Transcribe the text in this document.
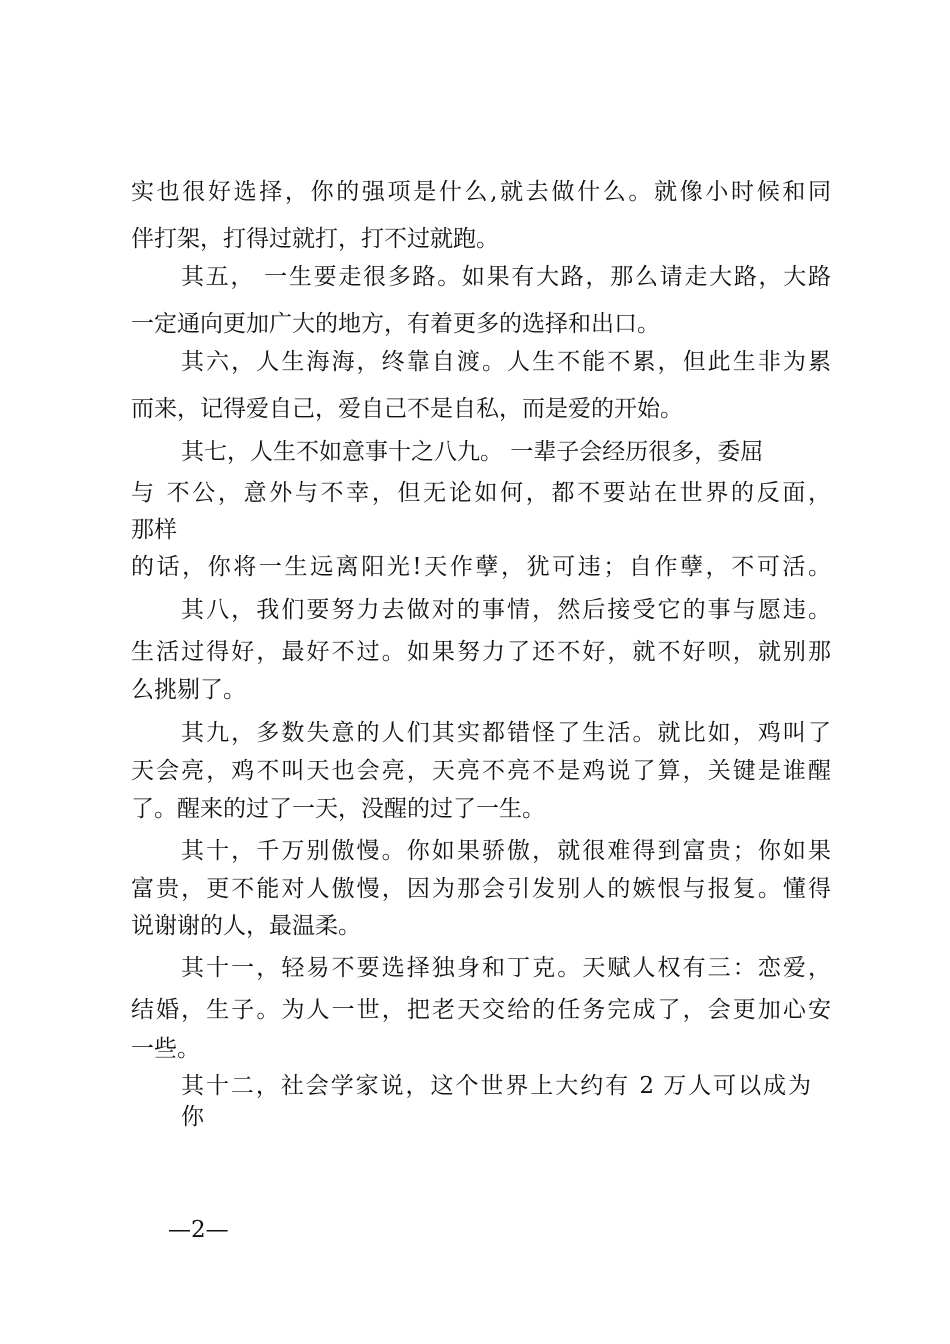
实也很好选择，你的强项是什么,就去做什么。就像小时候和同
伴打架，打得过就打，打不过就跑。
其五， 一生要走很多路。如果有大路，那么请走大路，大路
一定通向更加广大的地方，有着更多的选择和出口。
其六，人生海海，终靠自渡。人生不能不累，但此生非为累
而来，记得爱自己，爱自己不是自私，而是爱的开始。
其七，人生不如意事十之八九。 一辈子会经历很多，委屈
与 不公，意外与不幸，但无论如何，都不要站在世界的反面，
那样
的话，你将一生远离阳光!天作孽，犹可违；自作孽，不可活。
其八，我们要努力去做对的事情，然后接受它的事与愿违。
生活过得好，最好不过。如果努力了还不好，就不好呗，就别那
么挑剔了。
其九，多数失意的人们其实都错怪了生活。就比如，鸡叫了
天会亮，鸡不叫天也会亮，天亮不亮不是鸡说了算，关键是谁醒
了。醒来的过了一天，没醒的过了一生。
其十，千万别傲慢。你如果骄傲，就很难得到富贵；你如果
富贵，更不能对人傲慢，因为那会引发别人的嫉恨与报复。懂得
说谢谢的人，最温柔。
其十一，轻易不要选择独身和丁克。天赋人权有三：恋爱，
结婚，生子。为人一世，把老天交给的任务完成了，会更加心安
一些。
其十二，社会学家说，这个世界上大约有 2 万人可以成为
你
—2—
